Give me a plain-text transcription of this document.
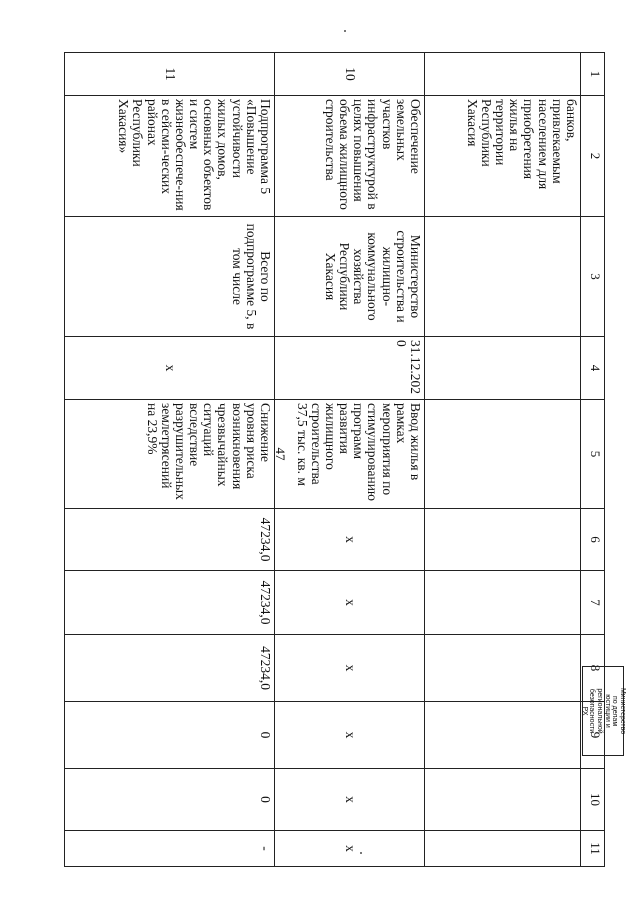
47
1	2	3	4	5	6	7	8	9	10	11
	банков, привлекаемым населением для приобретения жилья на территории Республики Хакасия									
10	Обеспечение земельных участков инфраструктурой в целях повышения объема жилищного строительства	Министерство строительства и жилищно-коммунального хозяйства Республики Хакасия	31.12.2020	Ввод жилья в рамках мероприятия по стимулированию программ развития жилищного строительства 37,5 тыс. кв. м	x	x	x	x	x	x
11	Подпрограмма 5 «Повышение устойчивости жилых домов, основных объектов и систем жизнеобеспече-ния в сейсми-ческих районах Республики Хакасия»	Всего по подпрограмме 5, в том числе	x	Снижение уровня риска возникновения чрезвычайных ситуаций вследствие разрушительных землетрясений на 23,9%	47234,0	47234,0	47234,0	0	0	-
Министерство по делам юстиции и региональной безопасности РХ
